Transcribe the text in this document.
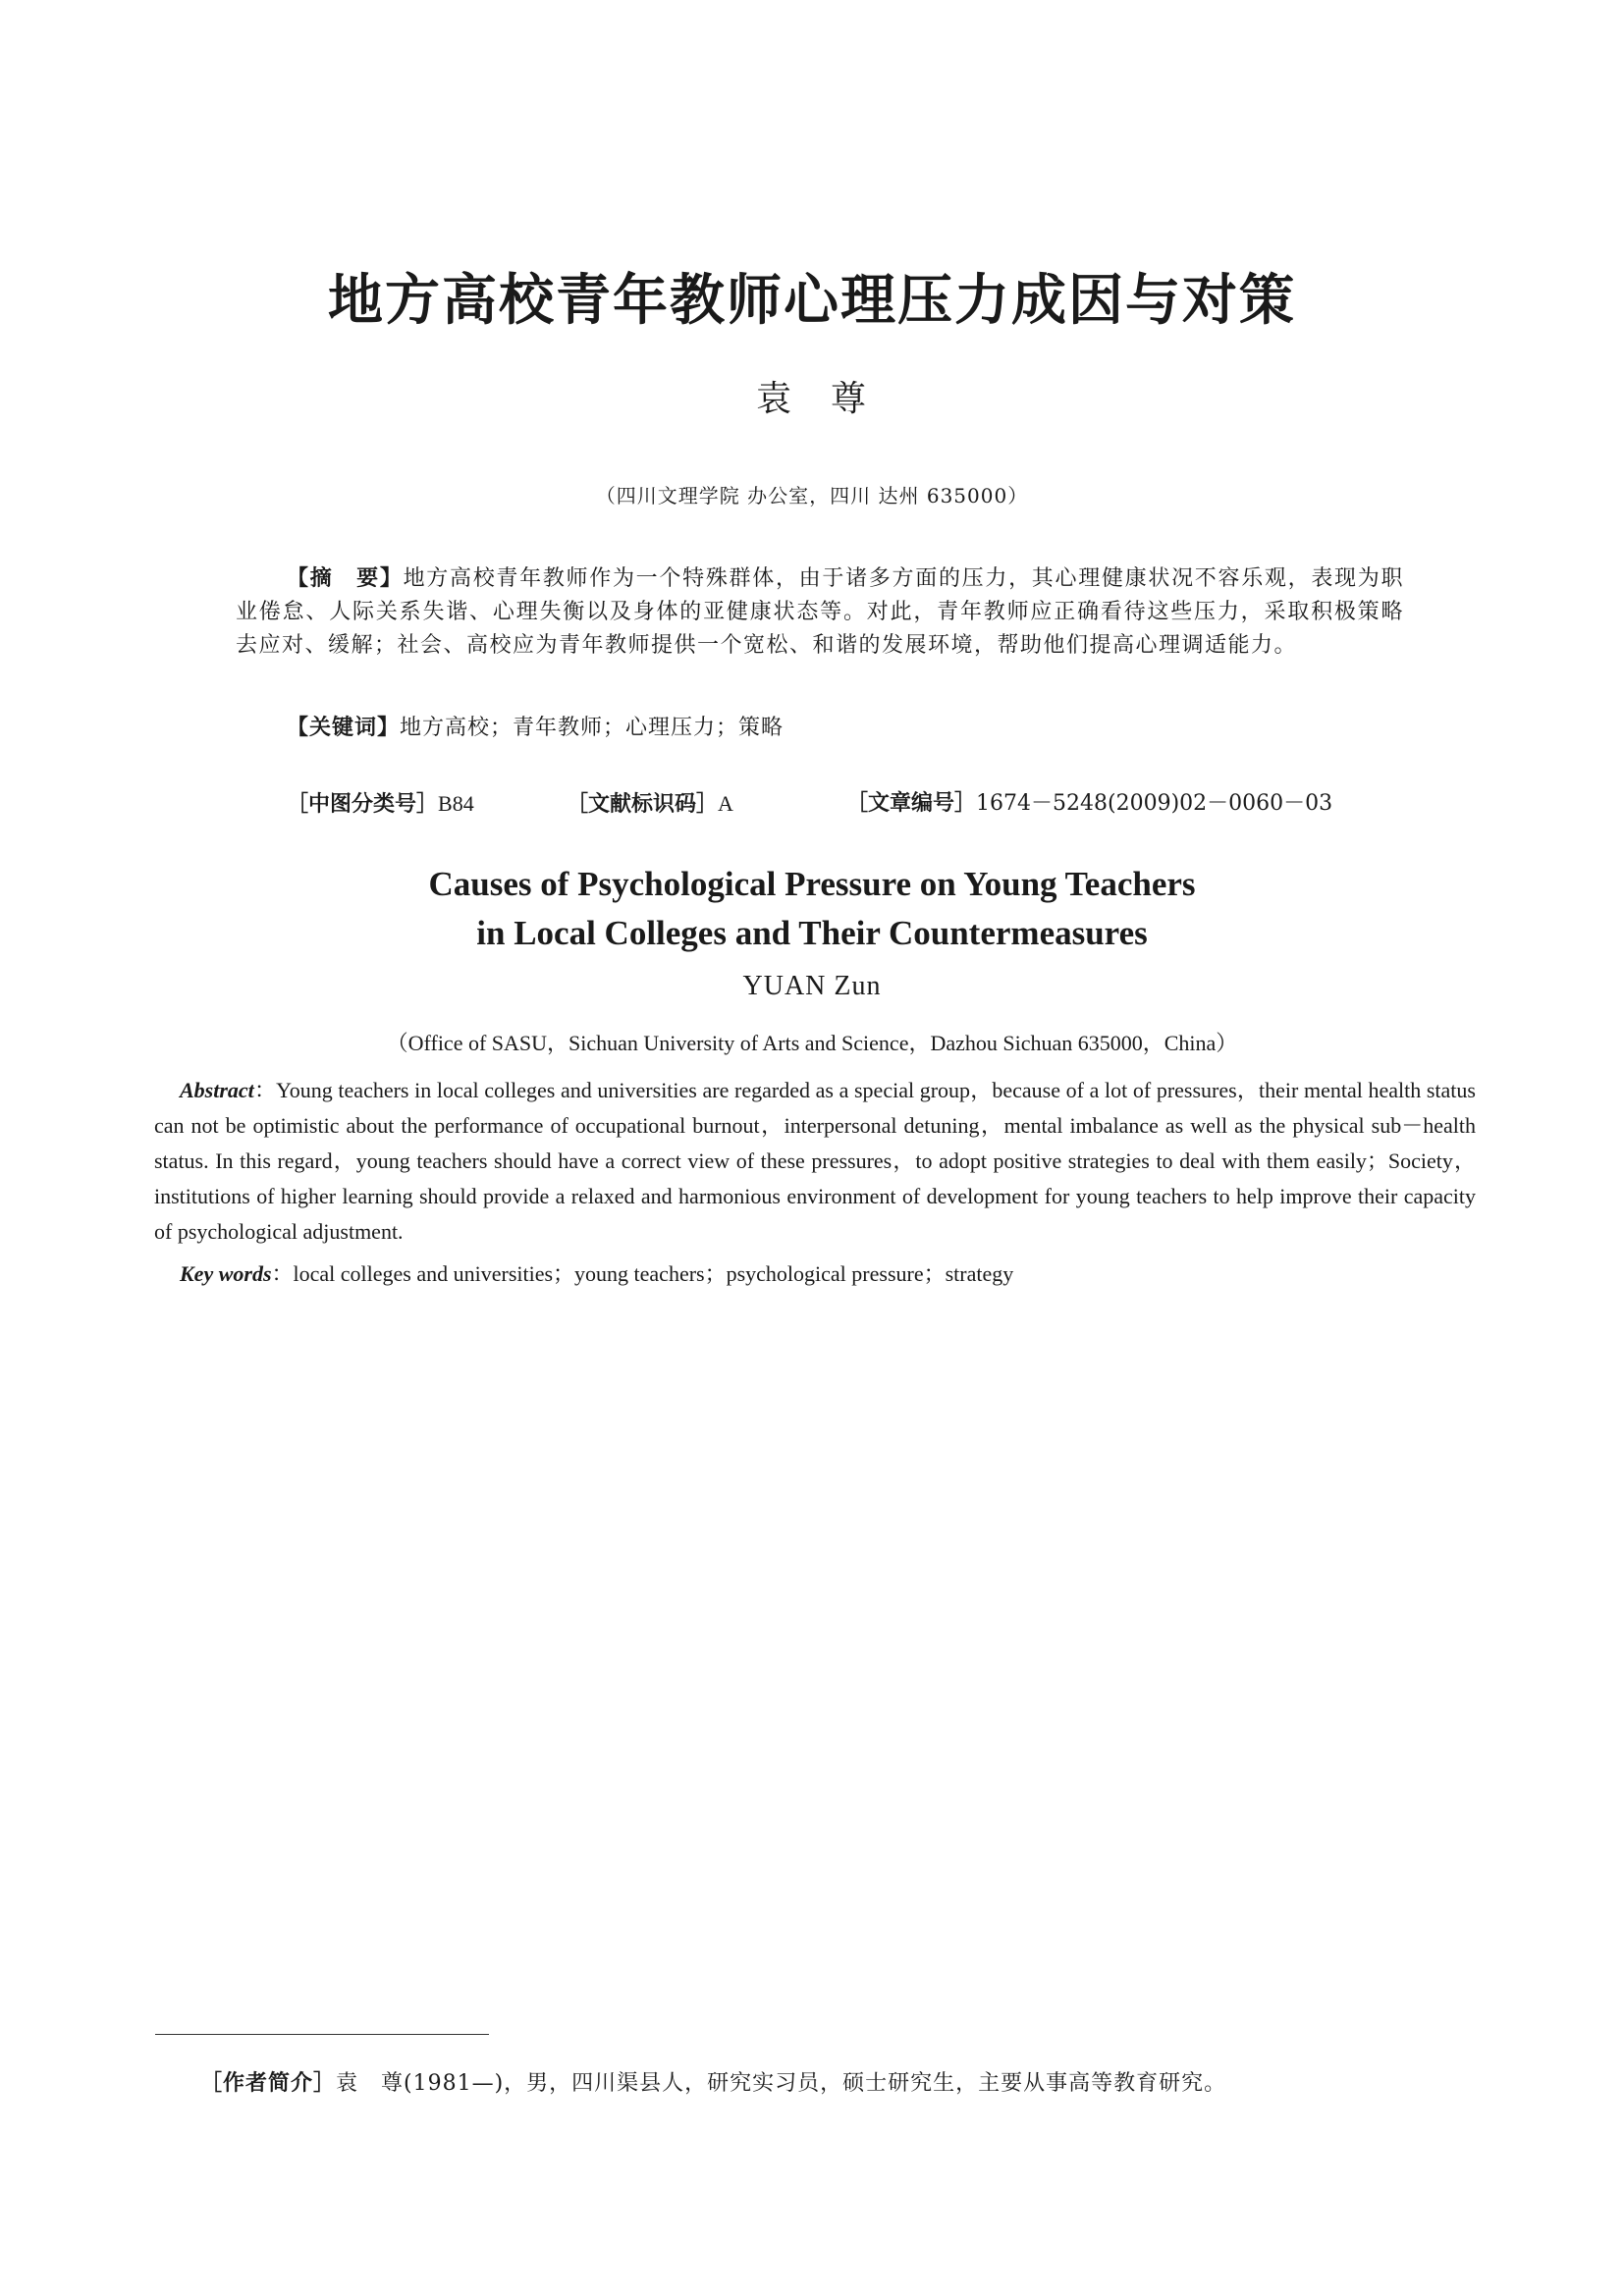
地方高校青年教师心理压力成因与对策
袁　尊
（四川文理学院 办公室，四川 达州 635000）
【摘　要】地方高校青年教师作为一个特殊群体，由于诸多方面的压力，其心理健康状况不容乐观，表现为职业倦怠、人际关系失谐、心理失衡以及身体的亚健康状态等。对此，青年教师应正确看待这些压力，采取积极策略去应对、缓解；社会、高校应为青年教师提供一个宽松、和谐的发展环境，帮助他们提高心理调适能力。
【关键词】地方高校；青年教师；心理压力；策略
［中图分类号］B84	［文献标识码］A	［文章编号］1674－5248(2009)02－0060－03
Causes of Psychological Pressure on Young Teachers
in Local Colleges and Their Countermeasures
YUAN Zun
（Office of SASU，Sichuan University of Arts and Science，Dazhou Sichuan 635000，China）
Abstract：Young teachers in local colleges and universities are regarded as a special group，because of a lot of pressures，their mental health status can not be optimistic about the performance of occupational burnout，interpersonal detuning，mental imbalance as well as the physical sub－health status. In this regard，young teachers should have a correct view of these pressures，to adopt positive strategies to deal with them easily；Society，institutions of higher learning should provide a relaxed and harmonious environment of development for young teachers to help improve their capacity of psychological adjustment.
Key words：local colleges and universities；young teachers；psychological pressure；strategy
［作者简介］袁　尊(1981—)，男，四川渠县人，研究实习员，硕士研究生，主要从事高等教育研究。
